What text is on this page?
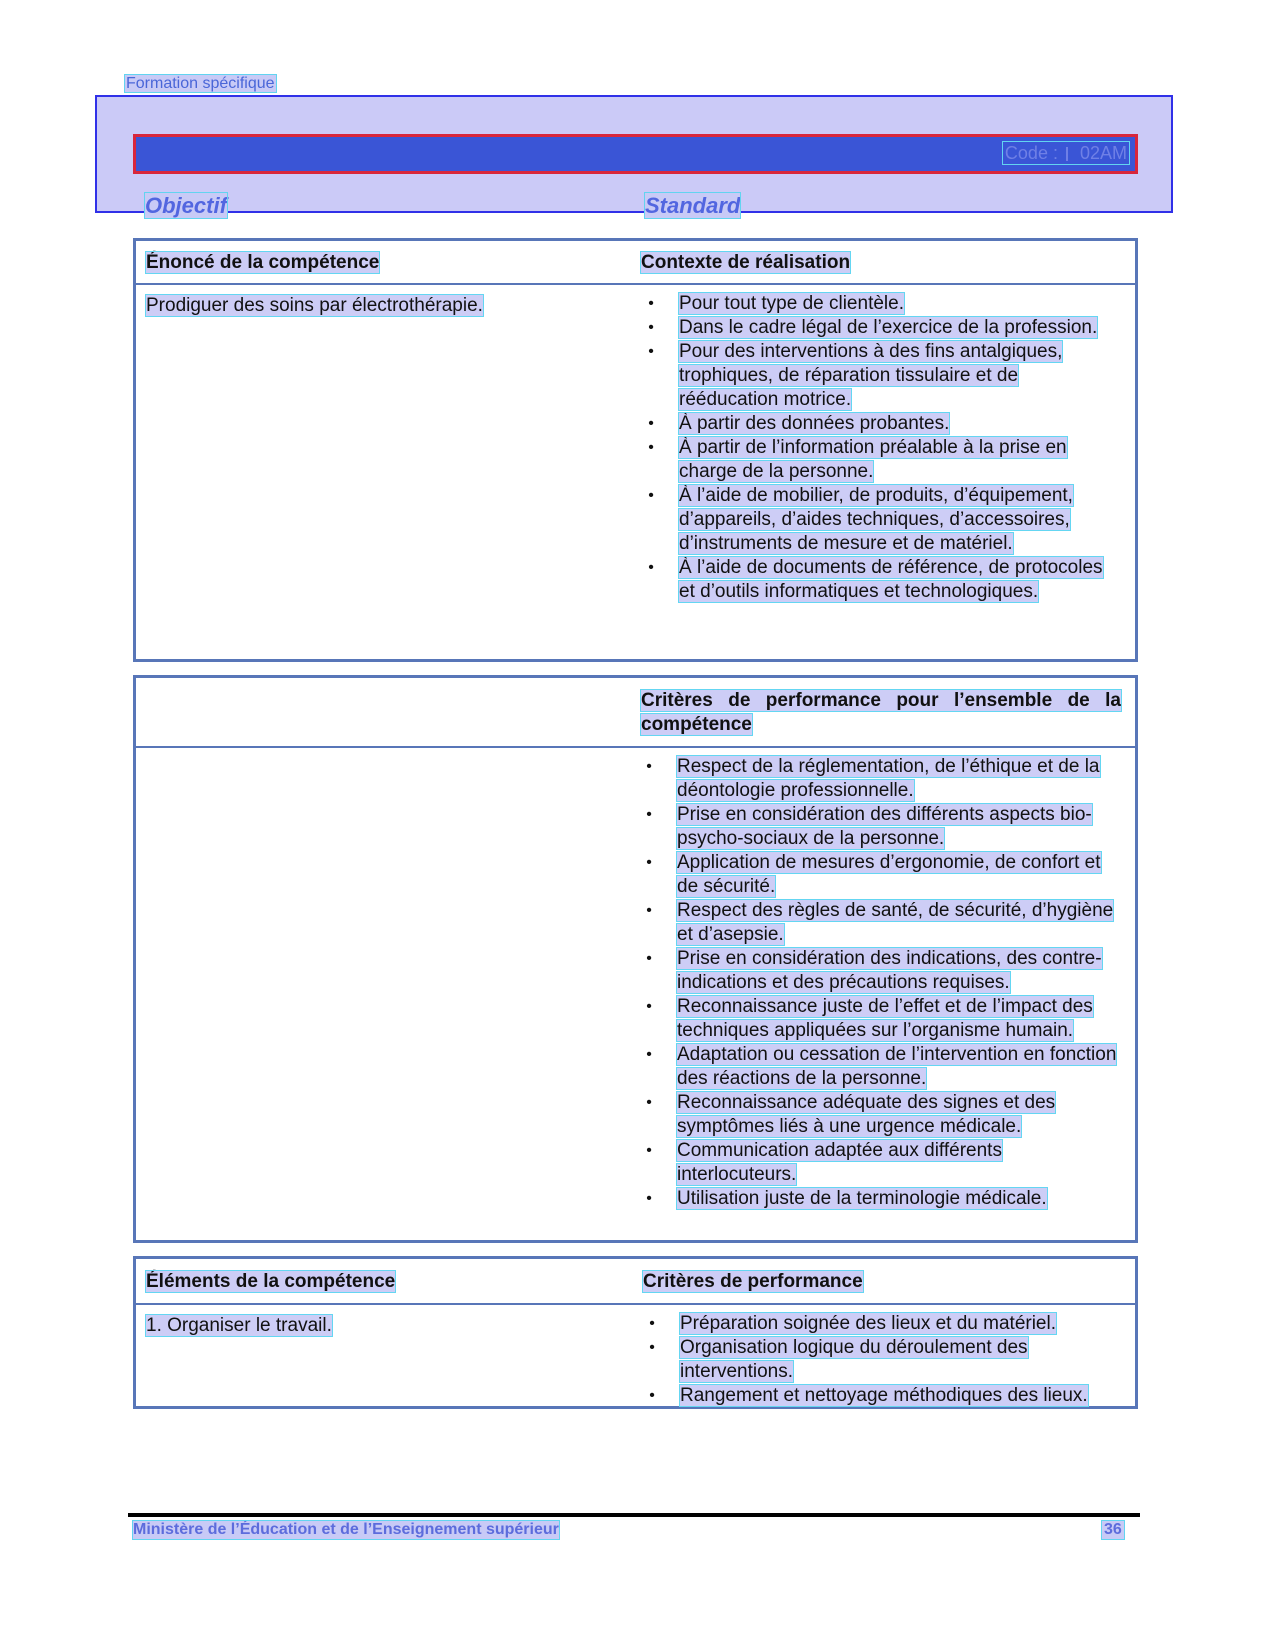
Formation spécifique
Code : 02AM
Objectif	Standard
Énoncé de la compétence	Contexte de réalisation
Prodiguer des soins par électrothérapie.	• Pour tout type de clientèle.
• Dans le cadre légal de l’exercice de la profession.
• Pour des interventions à des fins antalgiques, trophiques, de réparation tissulaire et de rééducation motrice.
• À partir des données probantes.
• À partir de l’information préalable à la prise en charge de la personne.
• À l’aide de mobilier, de produits, d’équipement, d’appareils, d’aides techniques, d’accessoires, d’instruments de mesure et de matériel.
• À l’aide de documents de référence, de protocoles et d’outils informatiques et technologiques.
Critères de performance pour l’ensemble de la compétence
• Respect de la réglementation, de l’éthique et de la déontologie professionnelle.
• Prise en considération des différents aspects bio-psycho-sociaux de la personne.
• Application de mesures d’ergonomie, de confort et de sécurité.
• Respect des règles de santé, de sécurité, d’hygiène et d’asepsie.
• Prise en considération des indications, des contre-indications et des précautions requises.
• Reconnaissance juste de l’effet et de l’impact des techniques appliquées sur l’organisme humain.
• Adaptation ou cessation de l’intervention en fonction des réactions de la personne.
• Reconnaissance adéquate des signes et des symptômes liés à une urgence médicale.
• Communication adaptée aux différents interlocuteurs.
• Utilisation juste de la terminologie médicale.
Éléments de la compétence	Critères de performance
1. Organiser le travail.	• Préparation soignée des lieux et du matériel.
• Organisation logique du déroulement des interventions.
• Rangement et nettoyage méthodiques des lieux.
Ministère de l’Éducation et de l’Enseignement supérieur	36
